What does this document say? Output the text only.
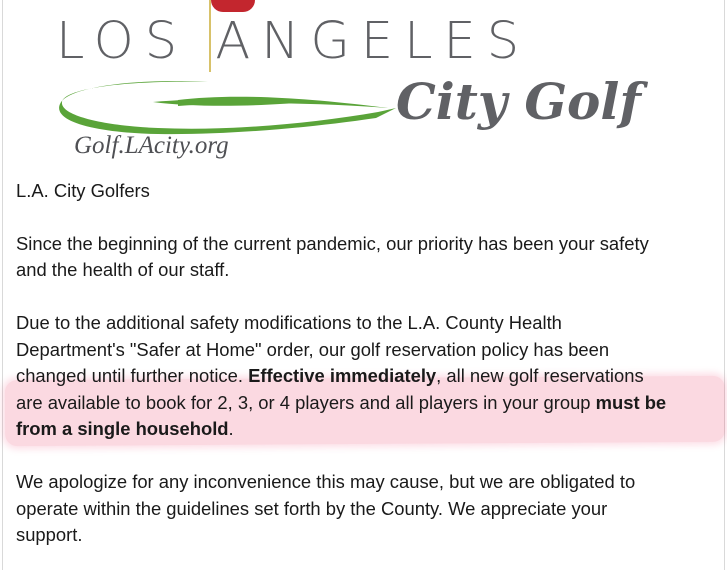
LOS ANGELES
City Golf
Golf.LAcity.org

L.A. City Golfers

Since the beginning of the current pandemic, our priority has been your safety
and the health of our staff.

Due to the additional safety modifications to the L.A. County Health
Department's "Safer at Home" order, our golf reservation policy has been
changed until further notice. Effective immediately, all new golf reservations
are available to book for 2, 3, or 4 players and all players in your group must be
from a single household.

We apologize for any inconvenience this may cause, but we are obligated to
operate within the guidelines set forth by the County. We appreciate your
support.
